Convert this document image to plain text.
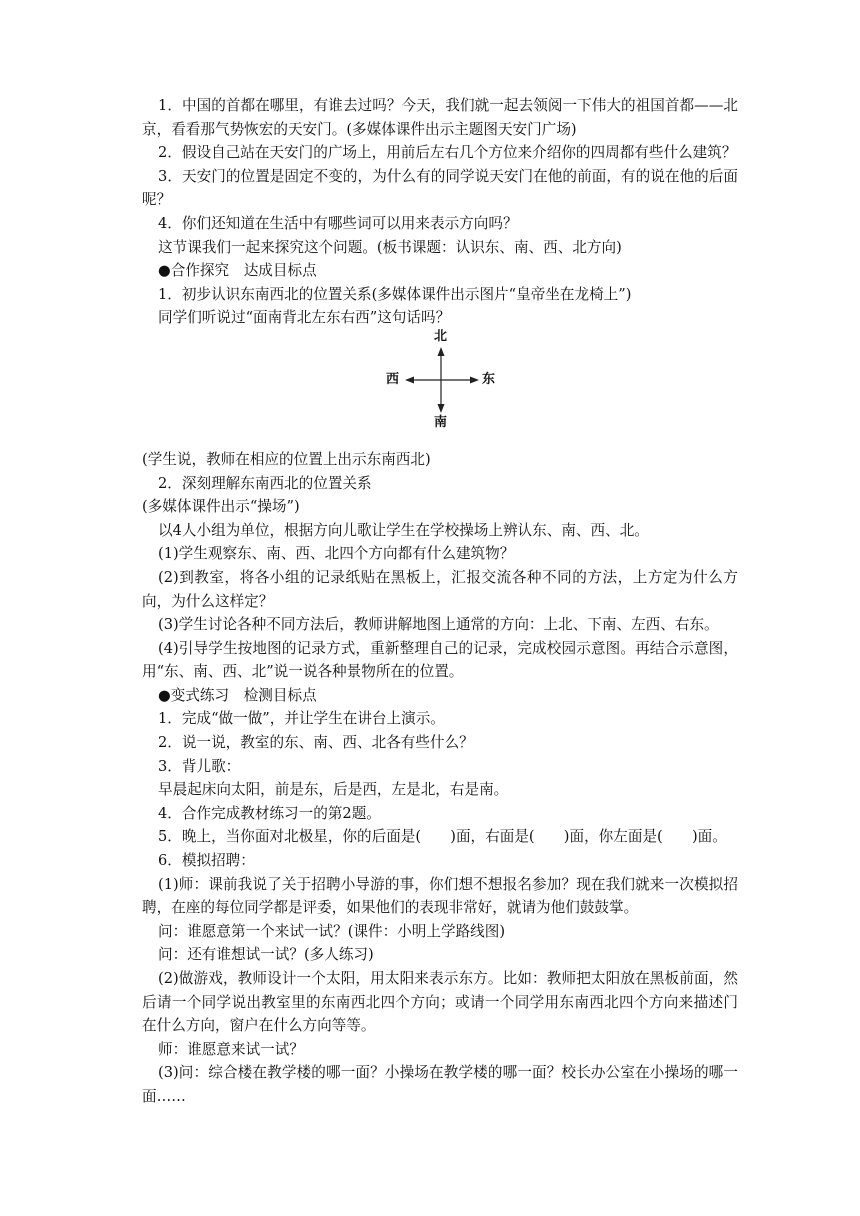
1．中国的首都在哪里，有谁去过吗？今天，我们就一起去领阅一下伟大的祖国首都——北京，看看那气势恢宏的天安门。(多媒体课件出示主题图天安门广场)

2．假设自己站在天安门的广场上，用前后左右几个方位来介绍你的四周都有些什么建筑？

3．天安门的位置是固定不变的，为什么有的同学说天安门在他的前面，有的说在他的后面呢？

4．你们还知道在生活中有哪些词可以用来表示方向吗？

这节课我们一起来探究这个问题。(板书课题：认识东、南、西、北方向)

●合作探究　达成目标点

1．初步认识东南西北的位置关系(多媒体课件出示图片“皇帝坐在龙椅上”)

同学们听说过“面南背北左东右西”这句话吗？

北
南
东
西

(学生说，教师在相应的位置上出示东南西北)

2．深刻理解东南西北的位置关系

(多媒体课件出示“操场”)

以4人小组为单位，根据方向儿歌让学生在学校操场上辨认东、南、西、北。

(1)学生观察东、南、西、北四个方向都有什么建筑物？

(2)到教室，将各小组的记录纸贴在黑板上，汇报交流各种不同的方法，上方定为什么方向，为什么这样定？

(3)学生讨论各种不同方法后，教师讲解地图上通常的方向：上北、下南、左西、右东。

(4)引导学生按地图的记录方式，重新整理自己的记录，完成校园示意图。再结合示意图，用“东、南、西、北”说一说各种景物所在的位置。

●变式练习　检测目标点

1．完成“做一做”，并让学生在讲台上演示。

2．说一说，教室的东、南、西、北各有些什么？

3．背儿歌：

早晨起床向太阳，前是东，后是西，左是北，右是南。

4．合作完成教材练习一的第2题。

5．晚上，当你面对北极星，你的后面是(　　)面，右面是(　　)面，你左面是(　　)面。

6．模拟招聘：

(1)师：课前我说了关于招聘小导游的事，你们想不想报名参加？现在我们就来一次模拟招聘，在座的每位同学都是评委，如果他们的表现非常好，就请为他们鼓鼓掌。

问：谁愿意第一个来试一试？(课件：小明上学路线图)

问：还有谁想试一试？(多人练习)

(2)做游戏，教师设计一个太阳，用太阳来表示东方。比如：教师把太阳放在黑板前面，然后请一个同学说出教室里的东南西北四个方向；或请一个同学用东南西北四个方向来描述门在什么方向，窗户在什么方向等等。

师：谁愿意来试一试？

(3)问：综合楼在教学楼的哪一面？小操场在教学楼的哪一面？校长办公室在小操场的哪一面……
